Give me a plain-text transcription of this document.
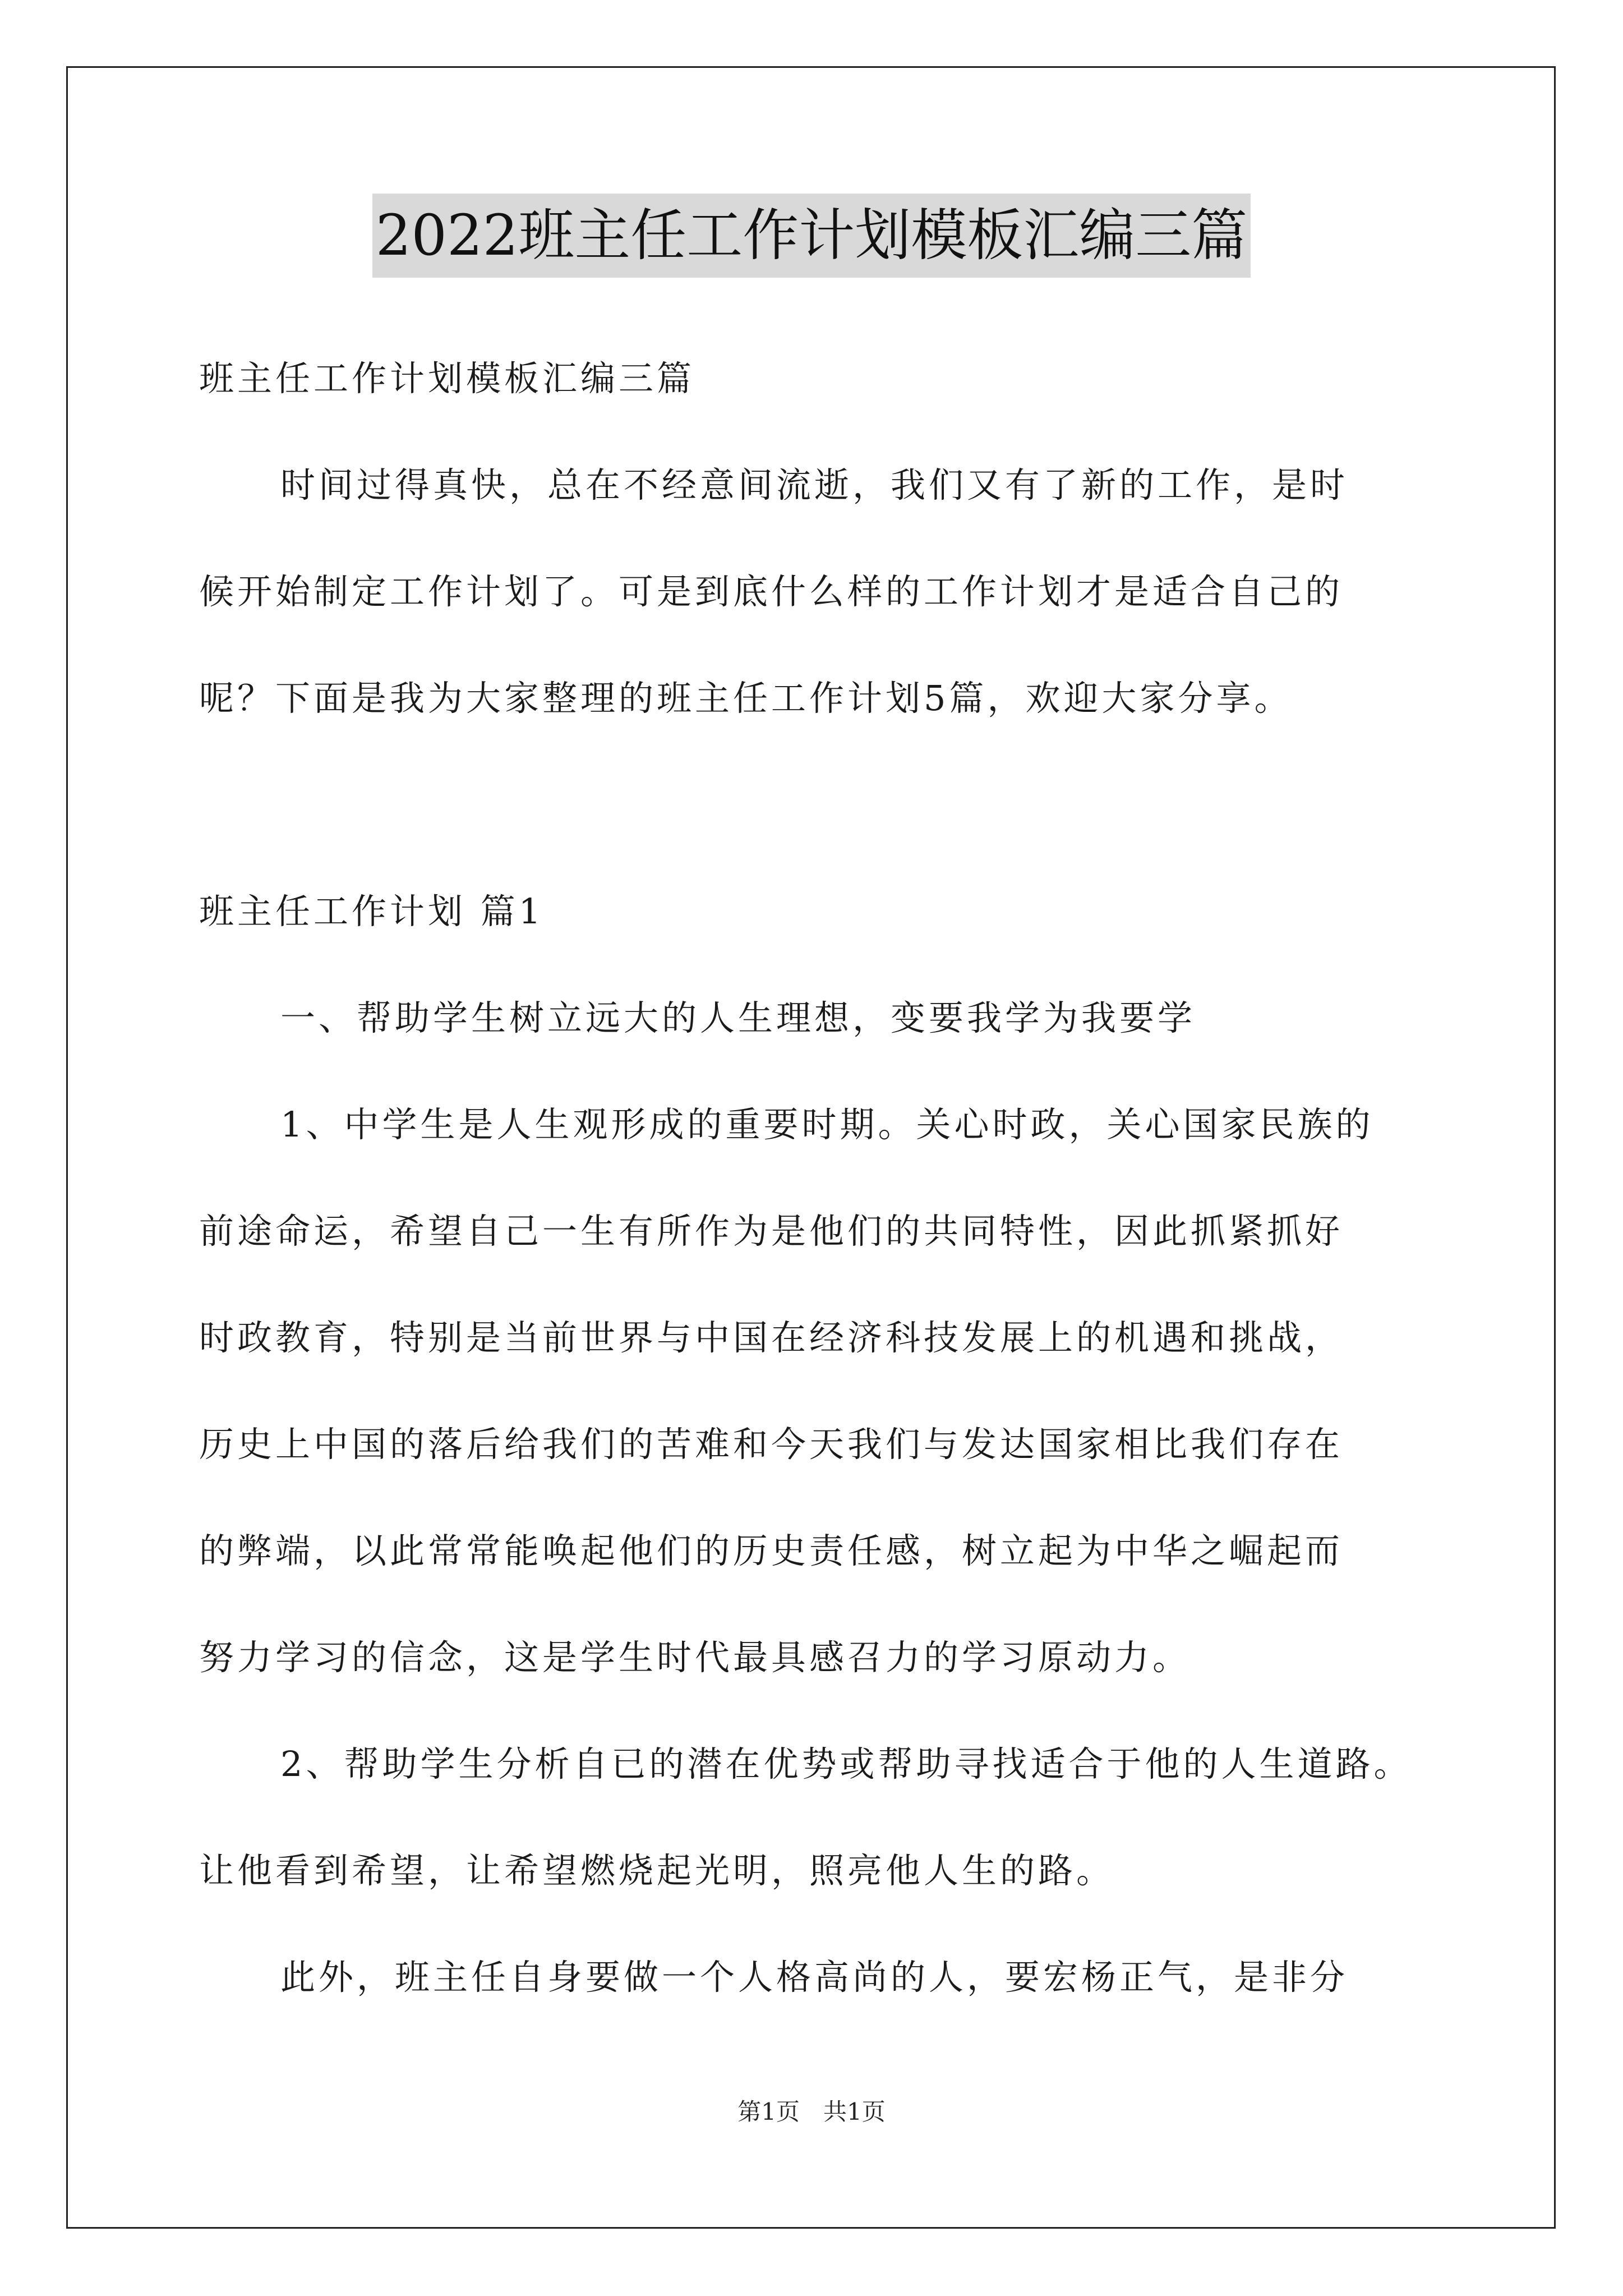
2022班主任工作计划模板汇编三篇
班主任工作计划模板汇编三篇
时间过得真快，总在不经意间流逝，我们又有了新的工作，是时
候开始制定工作计划了。可是到底什么样的工作计划才是适合自己的
呢？下面是我为大家整理的班主任工作计划5篇，欢迎大家分享。
班主任工作计划 篇1
一、帮助学生树立远大的人生理想，变要我学为我要学
1、中学生是人生观形成的重要时期。关心时政，关心国家民族的
前途命运，希望自己一生有所作为是他们的共同特性，因此抓紧抓好
时政教育，特别是当前世界与中国在经济科技发展上的机遇和挑战，
历史上中国的落后给我们的苦难和今天我们与发达国家相比我们存在
的弊端，以此常常能唤起他们的历史责任感，树立起为中华之崛起而
努力学习的信念，这是学生时代最具感召力的学习原动力。
2、帮助学生分析自已的潜在优势或帮助寻找适合于他的人生道路。
让他看到希望，让希望燃烧起光明，照亮他人生的路。
此外，班主任自身要做一个人格高尚的人，要宏杨正气，是非分
第1页　共1页
